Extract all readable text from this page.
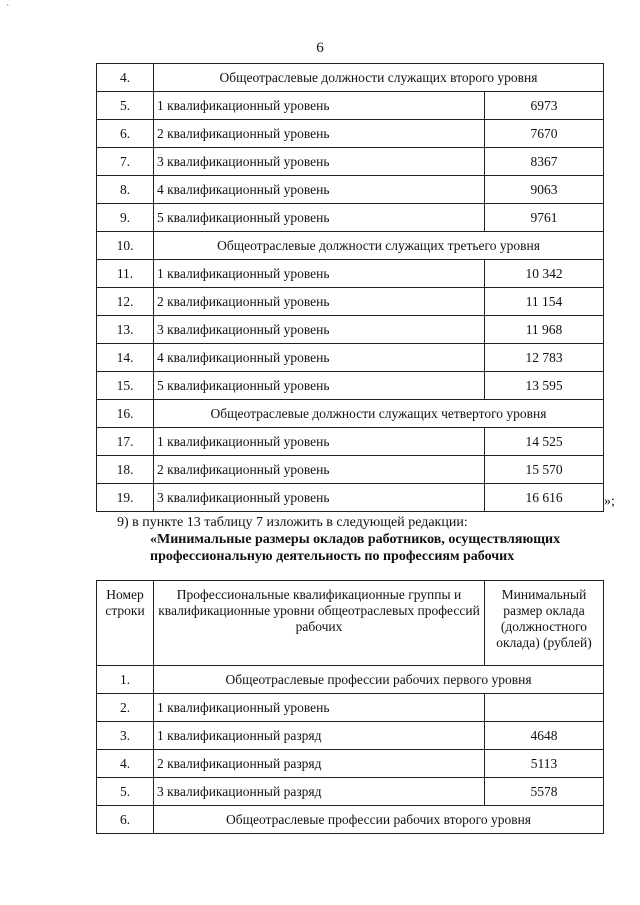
`
6
4.	Общеотраслевые должности служащих второго уровня	
5.	1 квалификационный уровень	6973
6.	2 квалификационный уровень	7670
7.	3 квалификационный уровень	8367
8.	4 квалификационный уровень	9063
9.	5 квалификационный уровень	9761
10.	Общеотраслевые должности служащих третьего уровня	
11.	1 квалификационный уровень	10 342
12.	2 квалификационный уровень	11 154
13.	3 квалификационный уровень	11 968
14.	4 квалификационный уровень	12 783
15.	5 квалификационный уровень	13 595
16.	Общеотраслевые должности служащих четвертого уровня	
17.	1 квалификационный уровень	14 525
18.	2 квалификационный уровень	15 570
19.	3 квалификационный уровень	16 616	»;
9) в пункте 13 таблицу 7 изложить в следующей редакции:
«Минимальные размеры окладов работников, осуществляющих профессиональную деятельность по профессиям рабочих
Номер строки	Профессиональные квалификационные группы и квалификационные уровни общеотраслевых профессий рабочих	Минимальный размер оклада (должностного оклада) (рублей)
1.	Общеотраслевые профессии рабочих первого уровня	
2.	1 квалификационный уровень	
3.	1 квалификационный разряд	4648
4.	2 квалификационный разряд	5113
5.	3 квалификационный разряд	5578
6.	Общеотраслевые профессии рабочих второго уровня	
